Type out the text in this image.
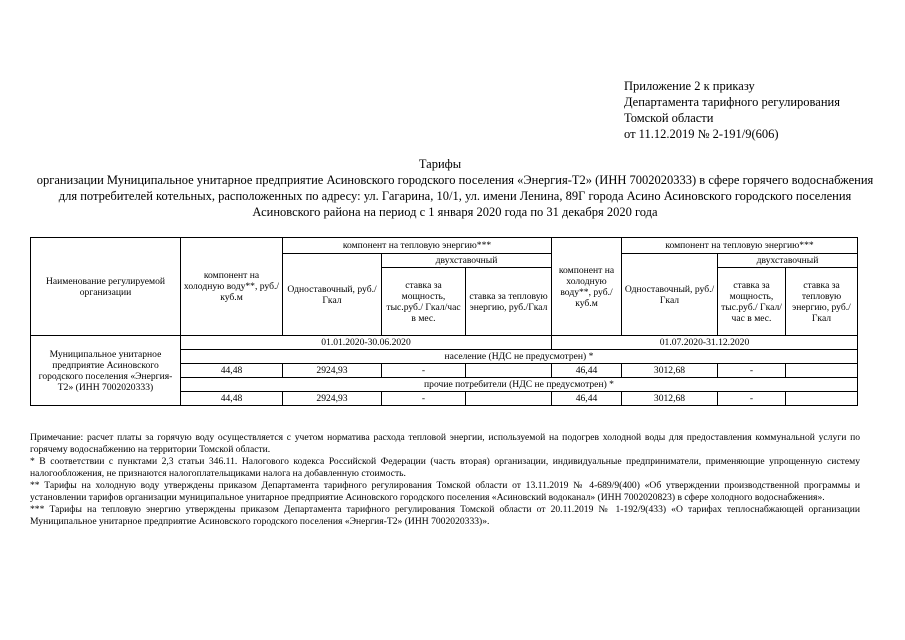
Приложение 2 к приказу
Департамента тарифного регулирования
Томской области
от 11.12.2019 № 2-191/9(606)
Тарифы
организации Муниципальное унитарное предприятие Асиновского городского поселения «Энергия-Т2» (ИНН 7002020333) в сфере горячего водоснабжения для потребителей котельных, расположенных по адресу: ул. Гагарина, 10/1, ул. имени Ленина, 89Г города Асино Асиновского городского поселения Асиновского района на период с 1 января 2020 года по 31 декабря 2020 года
Наименование регулируемой организации	компонент на холодную воду**, руб./куб.м	компонент на тепловую энергию***			компонент на холодную воду**, руб./куб.м	компонент на тепловую энергию***		
		Одноставочный, руб./Гкал	двухставочный			Одноставочный, руб./Гкал	двухставочный	
			ставка за мощность, тыс.руб./ Гкал/час в мес.	ставка за тепловую энергию, руб./Гкал			ставка за мощность, тыс.руб./ Гкал/час в мес.	ставка за тепловую энергию, руб./Гкал
Муниципальное унитарное предприятие Асиновского городского поселения «Энергия-Т2» (ИНН 7002020333)	01.01.2020-30.06.2020				01.07.2020-31.12.2020			
	население (НДС не предусмотрен) *							
	44,48	2924,93	-		46,44	3012,68	-	
	прочие потребители (НДС не предусмотрен) *							
	44,48	2924,93	-		46,44	3012,68	-	

Примечание: расчет платы за горячую воду осуществляется с учетом норматива расхода тепловой энергии, используемой на подогрев холодной воды для предоставления коммунальной услуги по горячему водоснабжению на территории Томской области.

* В соответствии с пунктами 2,3 статьи 346.11. Налогового кодекса Российской Федерации (часть вторая) организации, индивидуальные предприниматели, применяющие упрощенную систему налогообложения, не признаются налогоплательщиками налога на добавленную стоимость.

** Тарифы на холодную воду утверждены приказом Департамента тарифного регулирования Томской области от 13.11.2019 № 4-689/9(400) «Об утверждении производственной программы и установлении тарифов организации муниципальное унитарное предприятие Асиновского городского поселения «Асиновский водоканал» (ИНН 7002020823) в сфере холодного водоснабжения».

*** Тарифы на тепловую энергию утверждены приказом Департамента тарифного регулирования Томской области от 20.11.2019 № 1-192/9(433) «О тарифах теплоснабжающей организации Муниципальное унитарное предприятие Асиновского городского поселения «Энергия-Т2» (ИНН 7002020333)».
